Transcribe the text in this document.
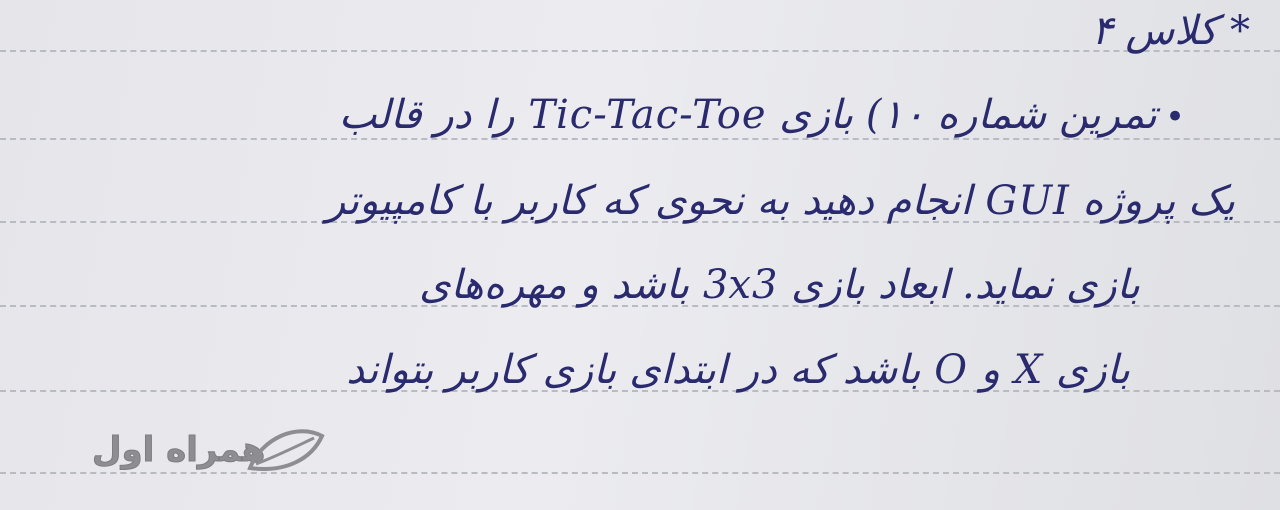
* کلاس ۴
•تمرین شماره ۱۰) بازی Tic-Tac-Toe را در قالب
یک پروژه GUI انجام دهید به نحوی که کاربر با کامپیوتر
بازی نماید. ابعاد بازی 3x3 باشد و مهره‌های
بازی X و O باشد که در ابتدای بازی کاربر بتواند
همراه اول
